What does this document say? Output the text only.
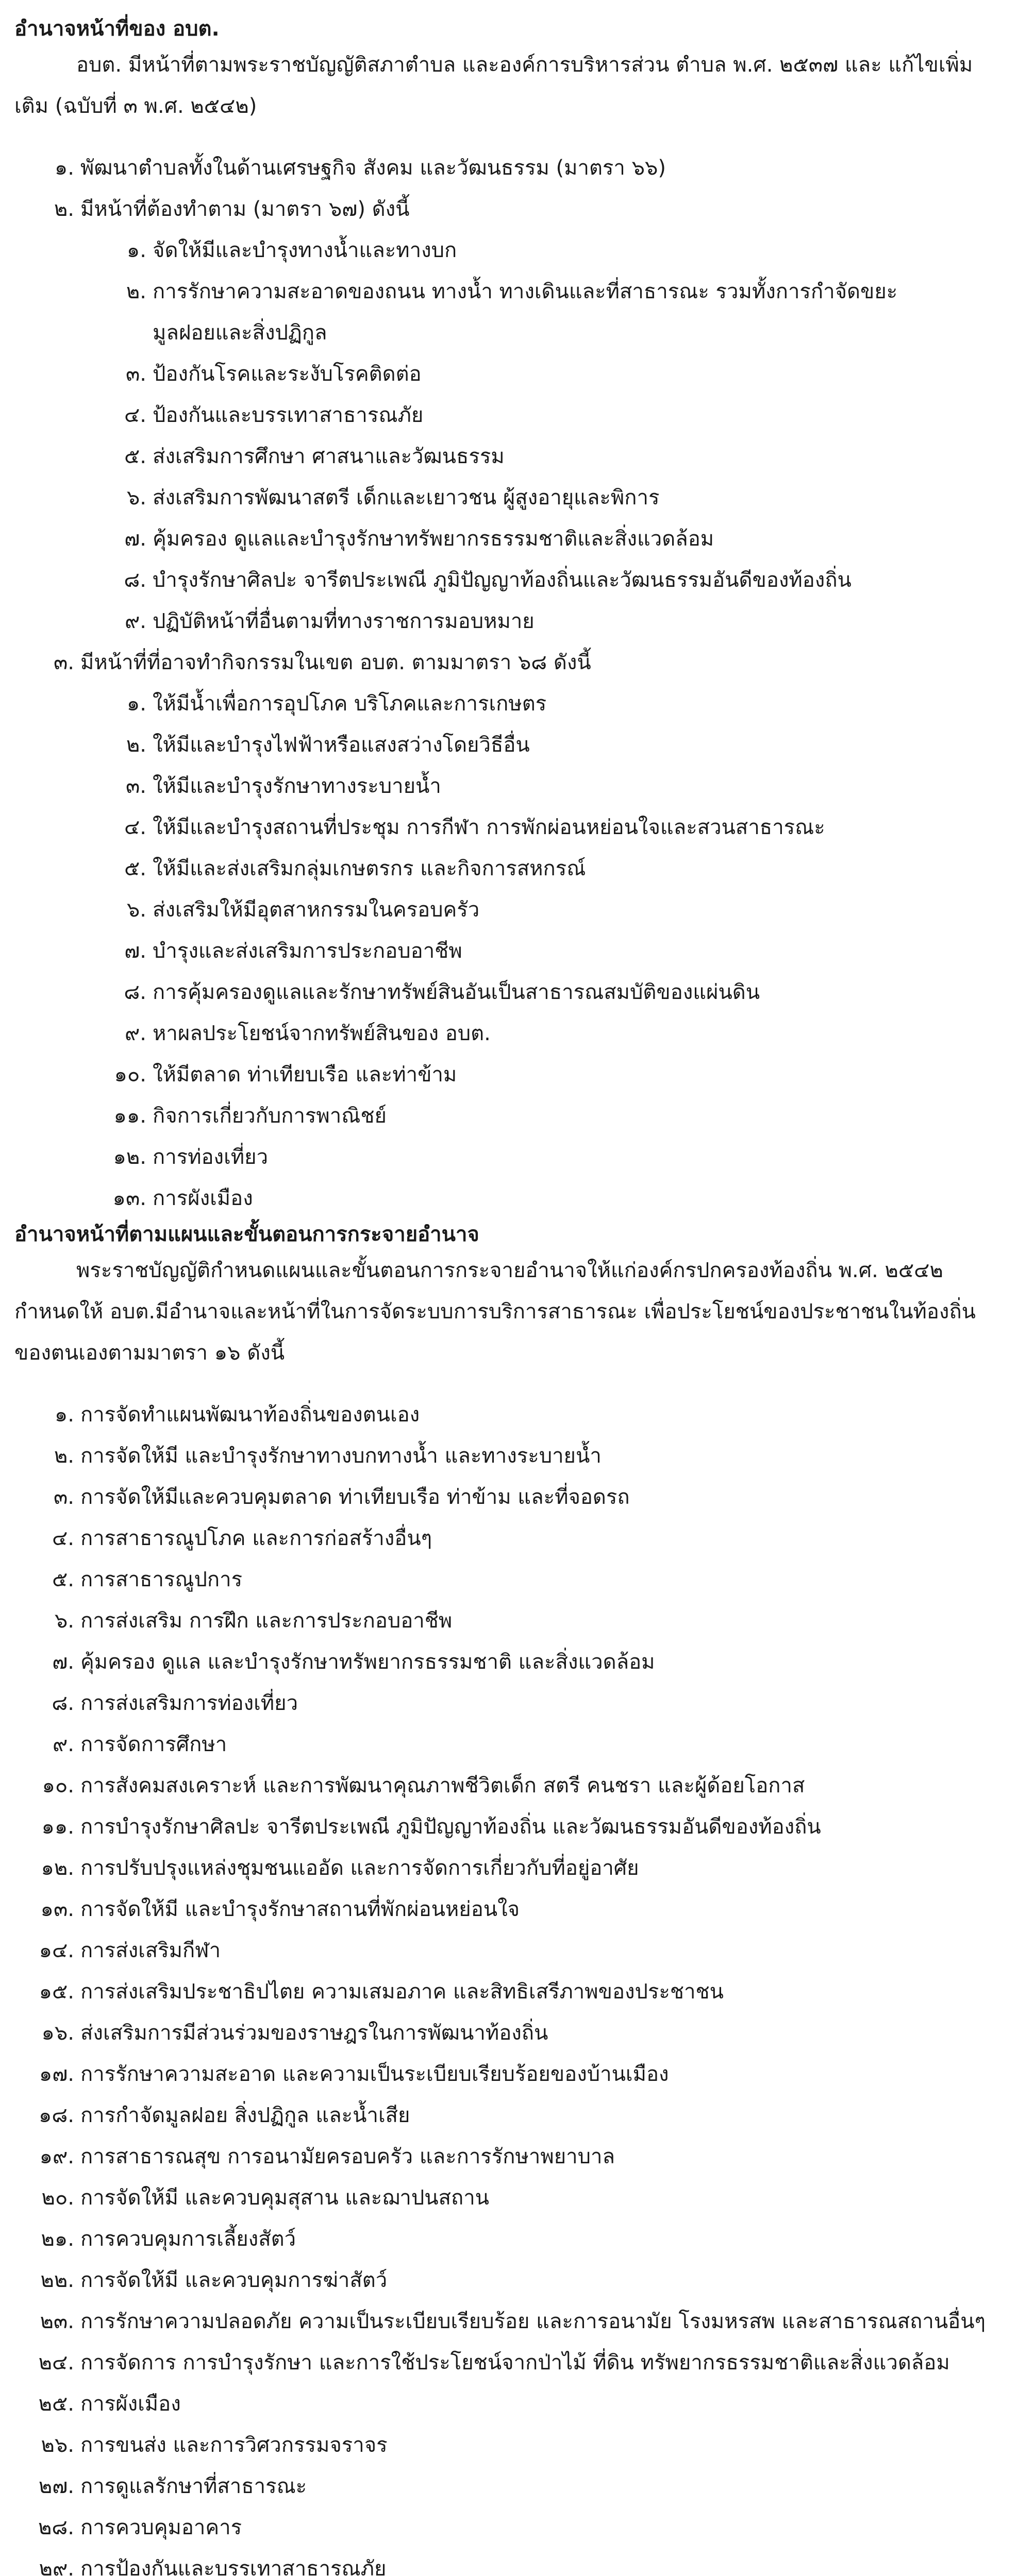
อำนาจหน้าที่ของ อบต.

อบต. มีหน้าที่ตามพระราชบัญญัติสภาตำบล และองค์การบริหารส่วน ตำบล พ.ศ. ๒๕๓๗ และ แก้ไขเพิ่มเติม (ฉบับที่ ๓ พ.ศ. ๒๕๔๒)

๑. พัฒนาตำบลทั้งในด้านเศรษฐกิจ สังคม และวัฒนธรรม (มาตรา ๖๖)
๒. มีหน้าที่ต้องทำตาม (มาตรา ๖๗) ดังนี้
๑. จัดให้มีและบำรุงทางน้ำและทางบก
๒. การรักษาความสะอาดของถนน ทางน้ำ ทางเดินและที่สาธารณะ รวมทั้งการกำจัดขยะมูลฝอยและสิ่งปฏิกูล
๓. ป้องกันโรคและระงับโรคติดต่อ
๔. ป้องกันและบรรเทาสาธารณภัย
๕. ส่งเสริมการศึกษา ศาสนาและวัฒนธรรม
๖. ส่งเสริมการพัฒนาสตรี เด็กและเยาวชน ผู้สูงอายุและพิการ
๗. คุ้มครอง ดูแลและบำรุงรักษาทรัพยากรธรรมชาติและสิ่งแวดล้อม
๘. บำรุงรักษาศิลปะ จารีตประเพณี ภูมิปัญญาท้องถิ่นและวัฒนธรรมอันดีของท้องถิ่น
๙. ปฏิบัติหน้าที่อื่นตามที่ทางราชการมอบหมาย
๓. มีหน้าที่ที่อาจทำกิจกรรมในเขต อบต. ตามมาตรา ๖๘ ดังนี้
๑. ให้มีน้ำเพื่อการอุปโภค บริโภคและการเกษตร
๒. ให้มีและบำรุงไฟฟ้าหรือแสงสว่างโดยวิธีอื่น
๓. ให้มีและบำรุงรักษาทางระบายน้ำ
๔. ให้มีและบำรุงสถานที่ประชุม การกีฬา การพักผ่อนหย่อนใจและสวนสาธารณะ
๕. ให้มีและส่งเสริมกลุ่มเกษตรกร และกิจการสหกรณ์
๖. ส่งเสริมให้มีอุตสาหกรรมในครอบครัว
๗. บำรุงและส่งเสริมการประกอบอาชีพ
๘. การคุ้มครองดูแลและรักษาทรัพย์สินอันเป็นสาธารณสมบัติของแผ่นดิน
๙. หาผลประโยชน์จากทรัพย์สินของ อบต.
๑๐. ให้มีตลาด ท่าเทียบเรือ และท่าข้าม
๑๑. กิจการเกี่ยวกับการพาณิชย์
๑๒. การท่องเที่ยว
๑๓. การผังเมือง
อำนาจหน้าที่ตามแผนและขั้นตอนการกระจายอำนาจ

พระราชบัญญัติกำหนดแผนและขั้นตอนการกระจายอำนาจให้แก่องค์กรปกครองท้องถิ่น พ.ศ. ๒๕๔๒ กำหนดให้ อบต.มีอำนาจและหน้าที่ในการจัดระบบการบริการสาธารณะ เพื่อประโยชน์ของประชาชนในท้องถิ่นของตนเองตามมาตรา ๑๖ ดังนี้

๑. การจัดทำแผนพัฒนาท้องถิ่นของตนเอง
๒. การจัดให้มี และบำรุงรักษาทางบกทางน้ำ และทางระบายน้ำ
๓. การจัดให้มีและควบคุมตลาด ท่าเทียบเรือ ท่าข้าม และที่จอดรถ
๔. การสาธารณูปโภค และการก่อสร้างอื่นๆ
๕. การสาธารณูปการ
๖. การส่งเสริม การฝึก และการประกอบอาชีพ
๗. คุ้มครอง ดูแล และบำรุงรักษาทรัพยากรธรรมชาติ และสิ่งแวดล้อม
๘. การส่งเสริมการท่องเที่ยว
๙. การจัดการศึกษา
๑๐. การสังคมสงเคราะห์ และการพัฒนาคุณภาพชีวิตเด็ก สตรี คนชรา และผู้ด้อยโอกาส
๑๑. การบำรุงรักษาศิลปะ จารีตประเพณี ภูมิปัญญาท้องถิ่น และวัฒนธรรมอันดีของท้องถิ่น
๑๒. การปรับปรุงแหล่งชุมชนแออัด และการจัดการเกี่ยวกับที่อยู่อาศัย
๑๓. การจัดให้มี และบำรุงรักษาสถานที่พักผ่อนหย่อนใจ
๑๔. การส่งเสริมกีฬา
๑๕. การส่งเสริมประชาธิปไตย ความเสมอภาค และสิทธิเสรีภาพของประชาชน
๑๖. ส่งเสริมการมีส่วนร่วมของราษฎรในการพัฒนาท้องถิ่น
๑๗. การรักษาความสะอาด และความเป็นระเบียบเรียบร้อยของบ้านเมือง
๑๘. การกำจัดมูลฝอย สิ่งปฏิกูล และน้ำเสีย
๑๙. การสาธารณสุข การอนามัยครอบครัว และการรักษาพยาบาล
๒๐. การจัดให้มี และควบคุมสุสาน และฌาปนสถาน
๒๑. การควบคุมการเลี้ยงสัตว์
๒๒. การจัดให้มี และควบคุมการฆ่าสัตว์
๒๓. การรักษาความปลอดภัย ความเป็นระเบียบเรียบร้อย และการอนามัย โรงมหรสพ และสาธารณสถานอื่นๆ
๒๔. การจัดการ การบำรุงรักษา และการใช้ประโยชน์จากป่าไม้ ที่ดิน ทรัพยากรธรรมชาติและสิ่งแวดล้อม
๒๕. การผังเมือง
๒๖. การขนส่ง และการวิศวกรรมจราจร
๒๗. การดูแลรักษาที่สาธารณะ
๒๘. การควบคุมอาคาร
๒๙. การป้องกันและบรรเทาสาธารณภัย
